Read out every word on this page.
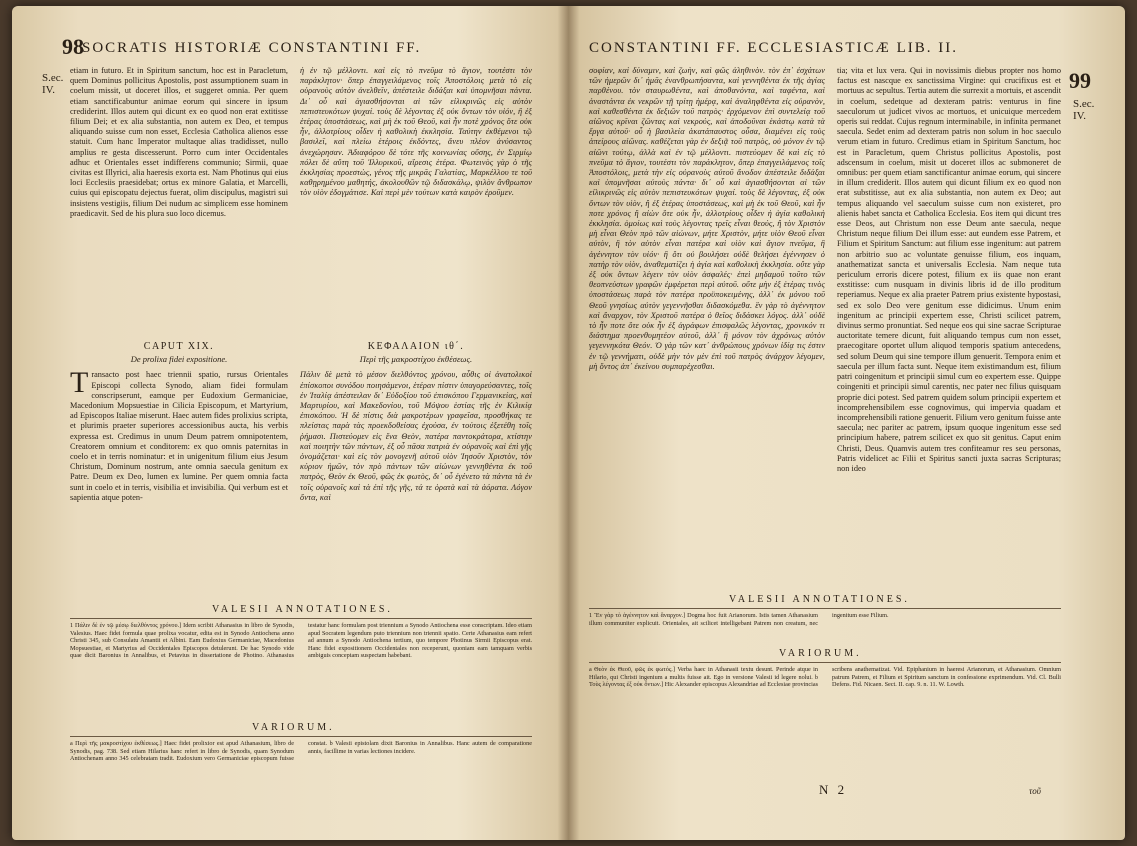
98
SOCRATIS HISTORIÆ CONSTANTINI FF.
S.ec.
IV.

etiam in futuro. Et in Spiritum sanctum, hoc est in Paracletum, quem Dominus pollicitus Apostolis, post assumptionem suam in coelum missit, ut doceret illos, et suggeret omnia. Per quem etiam sanctificabuntur animae eorum qui sincere in ipsum crediderint. Illos autem qui dicunt ex eo quod non erat extitisse filium Dei; et ex alia substantia, non autem ex Deo, et tempus aliquando suisse cum non esset, Ecclesia Catholica alienos esse statuit. Cum hanc Imperator multaque alias tradidisset, nullo amplius re gesta discesserunt. Porro cum inter Occidentales adhuc et Orientales esset indifferens communio; Sirmii, quae civitas est Illyrici, alia haeresis exorta est. Nam Photinus qui eius loci Ecclesiis praesidebat; ortus ex minore Galatia, et Marcelli, cuius qui episcopatu dejectus fuerat, olim discipulus, magistri sui insistens vestigiis, filium Dei nudum ac simplicem esse hominem praedicavit. Sed de his plura suo loco dicemus.

ἡ ἐν τῷ μέλλοντι. καὶ εἰς τὸ πνεῦμα τὸ ἅγιον, τουτέστι τὸν παράκλητον· ὅπερ ἐπαγγειλάμενος τοῖς Ἀποστόλοις μετὰ τὸ εἰς οὐρανοὺς αὐτὸν ἀνελθεῖν, ἀπέστειλε διδάξαι καὶ ὑπομνῆσαι πάντα. Δι᾽ οὗ καὶ ἁγιασθήσονται αἱ τῶν εἰλικρινῶς εἰς αὐτὸν πεπιστευκότων ψυχαί. τοὺς δὲ λέγοντας ἐξ οὐκ ὄντων τὸν υἱόν, ἢ ἐξ ἑτέρας ὑποστάσεως, καὶ μὴ ἐκ τοῦ Θεοῦ, καὶ ἦν ποτὲ χρόνος ὅτε οὐκ ἦν, ἀλλοτρίους οἶδεν ἡ καθολικὴ ἐκκλησία. Ταύτην ἐκθέμενοι τῷ βασιλεῖ, καὶ πλείω ἑτέροις ἐκδόντες, ἄνευ πλέον ἀνύσαντος ἀνεχώρησαν. Ἀδιαφόρου δὲ τότε τῆς κοινωνίας οὔσης, ἐν Σιρμίῳ πόλει δὲ αὕτη τοῦ Ἰλλυρικοῦ, αἵρεσις ἑτέρα. Φωτεινὸς γὰρ ὁ τῆς ἐκκλησίας προεστὼς, γένος τῆς μικρᾶς Γαλατίας, Μαρκέλλου τε τοῦ καθῃρημένου μαθητής, ἀκολουθῶν τῷ διδασκάλῳ, ψιλὸν ἄνθρωπον τὸν υἱὸν ἐδογμάτισε. Καὶ περὶ μὲν τούτων κατὰ καιρὸν ἐροῦμεν.

CAPUT XIX.
De prolixa fidei expositione.
T ransacto post haec triennii spatio, rursus Orientales Episcopi collecta Synodo, aliam fidei formulam conscripserunt, eamque per Eudoxium Germaniciae, Macedonium Mopsuestiae in Cilicia Episcopum, et Martyrium, ad Episcopos Italiae miserunt. Haec autem fides prolixius scripta, et plurimis praeter superiores accessionibus aucta, his verbis expressa est. Credimus in unum Deum patrem omnipotentem, Creatorem omnium et conditorem: ex quo omnis paternitas in coelo et in terris nominatur: et in unigenitum filium eius Jesum Christum, Dominum nostrum, ante omnia saecula genitum ex Patre. Deum ex Deo, lumen ex lumine. Per quem omnia facta sunt in coelo et in terris, visibilia et invisibilia. Qui verbum est et sapientia atque poten-

ΚΕΦΑΛΑΙΟΝ ιθ΄.
Περὶ τῆς μακροστίχου ἐκθέσεως.

Πάλιν δὲ μετὰ τὸ μέσον διελθόντος χρόνου, αὖθις οἱ ἀνατολικοὶ ἐπίσκοποι συνόδου ποιησάμενοι, ἑτέραν πίστιν ὑπαγορεύσαντες, τοῖς ἐν Ἰταλίᾳ ἀπέστειλαν δι᾽ Εὐδοξίου τοῦ ἐπισκόπου Γερμανικείας, καὶ Μαρτυρίου, καὶ Μακεδονίου, τοῦ Μόψου ἑστίας τῆς ἐν Κιλικίᾳ ἐπισκόπου. Ἡ δὲ πίστις διὰ μακροτέρων γραφεῖσα, προσθήκας τε πλείστας παρὰ τὰς προεκδοθείσας ἐχούσα, ἐν τούτοις ἐξετέθη τοῖς ῥήμασι. Πιστεύομεν εἰς ἕνα Θεὸν, πατέρα παντοκράτορα, κτίστην καὶ ποιητὴν τῶν πάντων, ἐξ οὗ πᾶσα πατριὰ ἐν οὐρανοῖς καὶ ἐπὶ γῆς ὀνομάζεται· καὶ εἰς τὸν μονογενῆ αὐτοῦ υἱὸν Ἰησοῦν Χριστὸν, τὸν κύριον ἡμῶν, τὸν πρὸ πάντων τῶν αἰώνων γεννηθέντα ἐκ τοῦ πατρὸς, Θεὸν ἐκ Θεοῦ, φῶς ἐκ φωτὸς, δι᾽ οὗ ἐγένετο τὰ πάντα τὰ ἐν τοῖς οὐρανοῖς καὶ τὰ ἐπὶ τῆς γῆς, τά τε ὁρατὰ καὶ τὰ ἀόρατα. Λόγον ὄντα, καὶ

VALESII ANNOTATIONES.
1 Πάλιν δὲ ἐν τῷ μέσῳ διελθόντος χρόνου.] Idem scribit Athanasius in libro de Synodis, Valesius. Haec fidei formula quae prolixa vocatur, edita est in Synodo Antiochena anno Christi 345, sub Consulatu Amantii et Albini. Eam Eudoxius Germaniciae, Macedonius Mopsuestiae, et Martyrius ad Occidentales Episcopos detulerunt. De hac Synodo vide quae dicit Baronius in Annalibus, et Petavius in dissertatione de Photino. Athanasius testatur hanc formulam post triennium a Synodo Antiochena esse conscriptam. Ideo etiam apud Socratem legendum puto triennium non triennii spatio. Certe Athanasius eam refert ad annum a Synodo Antiochena tertium, quo tempore Photinus Sirmii Episcopus erat. Hanc fidei expositionem Occidentales non receperunt, quoniam eam tamquam verbis ambiguis conceptam suspectam habebant.
VARIORUM.
a Περὶ τῆς μακροστίχου ἐκθέσεως.] Haec fidei prolixior est apud Athanasium, libro de Synodis, pag. 738. Sed etiam Hilarius hanc refert in libro de Synodis, quam Synodum Antiochenam anno 345 celebratam tradit. Eudoxium vero Germaniciae episcopum fuisse constat. b Valesii epistolam dixit Baronius in Annalibus. Hanc autem de comparatione annis, facillime in varias lectiones incidere.
CONSTANTINI FF. ECCLESIASTICÆ LIB. II.
99
S.ec.
IV.

σοφίαν, καὶ δύναμιν, καὶ ζωὴν, καὶ φῶς ἀληθινὸν. τὸν ἐπ᾽ ἐσχάτων τῶν ἡμερῶν δι᾽ ἡμᾶς ἐνανθρωπήσαντα, καὶ γεννηθέντα ἐκ τῆς ἁγίας παρθένου. τὸν σταυρωθέντα, καὶ ἀποθανόντα, καὶ ταφέντα, καὶ ἀναστάντα ἐκ νεκρῶν τῇ τρίτῃ ἡμέρᾳ, καὶ ἀναληφθέντα εἰς οὐρανὸν, καὶ καθεσθέντα ἐκ δεξιῶν τοῦ πατρὸς· ἐρχόμενον ἐπὶ συντελείᾳ τοῦ αἰῶνος κρῖναι ζῶντας καὶ νεκρούς, καὶ ἀποδοῦναι ἑκάστῳ κατὰ τὰ ἔργα αὐτοῦ· οὗ ἡ βασιλεία ἀκατάπαυστος οὖσα, διαμένει εἰς τοὺς ἀπείρους αἰῶνας. καθέζεται γὰρ ἐν δεξιᾷ τοῦ πατρὸς, οὐ μόνον ἐν τῷ αἰῶνι τούτῳ, ἀλλὰ καὶ ἐν τῷ μέλλοντι. πιστεύομεν δὲ καὶ εἰς τὸ πνεῦμα τὸ ἅγιον, τουτέστι τὸν παράκλητον, ὅπερ ἐπαγγειλάμενος τοῖς Ἀποστόλοις, μετὰ τὴν εἰς οὐρανοὺς αὐτοῦ ἄνοδον ἀπέστειλε διδάξαι καὶ ὑπομνῆσαι αὐτοὺς πάντα· δι᾽ οὗ καὶ ἁγιασθήσονται αἱ τῶν εἰλικρινῶς εἰς αὐτὸν πεπιστευκότων ψυχαί. τοὺς δὲ λέγοντας, ἐξ οὐκ ὄντων τὸν υἱὸν, ἢ ἐξ ἑτέρας ὑποστάσεως, καὶ μὴ ἐκ τοῦ Θεοῦ, καὶ ἦν ποτε χρόνος ἢ αἰὼν ὅτε οὐκ ἦν, ἀλλοτρίους οἶδεν ἡ ἁγία καθολικὴ ἐκκλησία. ὁμοίως καὶ τοὺς λέγοντας τρεῖς εἶναι θεούς, ἢ τὸν Χριστὸν μὴ εἶναι Θεὸν πρὸ τῶν αἰώνων, μήτε Χριστὸν, μήτε υἱὸν Θεοῦ εἶναι αὐτὸν, ἢ τὸν αὐτὸν εἶναι πατέρα καὶ υἱὸν καὶ ἅγιον πνεῦμα, ἢ ἀγέννητον τὸν υἱόν· ἢ ὅτι οὐ βουλήσει οὐδὲ θελήσει ἐγέννησεν ὁ πατὴρ τὸν υἱὸν, ἀναθεματίζει ἡ ἁγία καὶ καθολικὴ ἐκκλησία. οὔτε γὰρ ἐξ οὐκ ὄντων λέγειν τὸν υἱὸν ἀσφαλές· ἐπεὶ μηδαμοῦ τοῦτο τῶν θεοπνεύστων γραφῶν ἐμφέρεται περὶ αὐτοῦ. οὔτε μὴν ἐξ ἑτέρας τινὸς ὑποστάσεως παρὰ τὸν πατέρα προϋποκειμένης, ἀλλ᾽ ἐκ μόνου τοῦ Θεοῦ γνησίως αὐτὸν γεγεννῆσθαι διδασκόμεθα. ἓν γὰρ τὸ ἀγέννητον καὶ ἄναρχον, τὸν Χριστοῦ πατέρα ὁ θεῖος διδάσκει λόγος. ἀλλ᾽ οὐδὲ τὸ ἦν ποτε ὅτε οὐκ ἦν ἐξ ἀγράφων ἐπισφαλῶς λέγοντας, χρονικόν τι διάστημα προενθυμητέον αὐτοῦ, ἀλλ᾽ ἢ μόνον τὸν ἀχρόνως αὐτὸν γεγεννηκότα Θεόν. Ὁ γὰρ τῶν κατ᾽ ἀνθρώπους χρόνων ἰδίᾳ τις ἐστιν ἐν τῷ γεννήματι, οὐδὲ μὴν τὸν μὲν ἐπὶ τοῦ πατρὸς ἀνάρχον λέγομεν, μὴ ὄντος ἀπ᾽ ἐκείνου συμπαρέχεσθαι.

tia; vita et lux vera. Qui in novissimis diebus propter nos homo factus est nascque ex sanctissima Virgine: qui crucifixus est et mortuus ac sepultus. Tertia autem die surrexit a mortuis, et ascendit in coelum, sedetque ad dexteram patris: venturus in fine saeculorum ut judicet vivos ac mortuos, et unicuique mercedem operis sui reddat. Cujus regnum interminabile, in infinita permanet saecula. Sedet enim ad dexteram patris non solum in hoc saeculo verum etiam in futuro. Credimus etiam in Spiritum Sanctum, hoc est in Paracletum, quem Christus pollicitus Apostolis, post adscensum in coelum, misit ut doceret illos ac submoneret de omnibus: per quem etiam sanctificantur animae eorum, qui sincere in illum crediderit. Illos autem qui dicunt filium ex eo quod non erat substitisse, aut ex alia substantia, non autem ex Deo; aut tempus aliquando vel saeculum suisse cum non existeret, pro alienis habet sancta et Catholica Ecclesia. Eos item qui dicunt tres esse Deos, aut Christum non esse Deum ante saecula, neque Christum neque filium Dei illum esse: aut eundem esse Patrem, et Filium et Spiritum Sanctum: aut filium esse ingenitum: aut patrem non arbitrio suo ac voluntate genuisse filium, eos inquam, anathematizat sancta et universalis Ecclesia. Nam neque tuta periculum erroris dicere potest, filium ex iis quae non erant exstitisse: cum nusquam in divinis libris id de illo proditum reperiamus. Neque ex alia praeter Patrem prius existente hypostasi, sed ex solo Deo vere genitum esse didicimus. Unum enim ingenitum ac principii expertem esse, Christi scilicet patrem, divinus sermo pronuntiat. Sed neque eos qui sine sacrae Scripturae auctoritate temere dicunt, fuit aliquando tempus cum non esset, praecogitare oportet ullum aliquod temporis spatium antecedens, sed solum Deum qui sine tempore illum genuerit. Tempora enim et saecula per illum facta sunt. Neque item existimandum est, filium patri coingenitum et principii simul cum eo expertem esse. Quippe coingeniti et principii simul carentis, nec pater nec filius quisquam proprie dici potest. Sed patrem quidem solum principii expertem et incomprehensibilem esse cognovimus, qui impervia quadam et incomprehensibili ratione genuerit. Filium vero genitum fuisse ante saecula; nec pariter ac patrem, ipsum quoque ingenitum esse sed principium habere, patrem scilicet ex quo sit genitus. Caput enim Christi, Deus. Quamvis autem tres confiteamur res seu personas, Patris videlicet ac Filii et Spiritus sancti juxta sacras Scripturas; non ideo

VALESII ANNOTATIONES.
1 Ἓν γὰρ τὸ ἀγέννητον καὶ ἄναρχον.] Dogma hoc fuit Arianorum. Istis tamen Athanasium illum communiter explicuit. Orientales, ait scilicet intelligebant Patrem non creatum, nec ingenitum esse Filium.
VARIORUM.
a Θεὸν ἐκ Θεοῦ, φῶς ἐκ φωτός.] Verba haec in Athanasii textu desunt. Perinde atque in Hilario, qui Christi ingenium a multis fuisse ait. Ego in versione Valesii id legere nolui. b Τοὺς λέγοντας ἐξ οὐκ ὄντων.] Hic Alexander episcopus Alexandriae ad Ecclesiae provincias scribens anathematizat. Vid. Epiphanium in haeresi Arianorum, et Athanasium. Omnium patrum Patrem, et Filium et Spiritum sanctum in confessione exprimendum. Vid. Cl. Bulli Defens. Fid. Nicaen. Sect. II. cap. 9. n. 11. W. Lowth.
N 2	τοῦ
